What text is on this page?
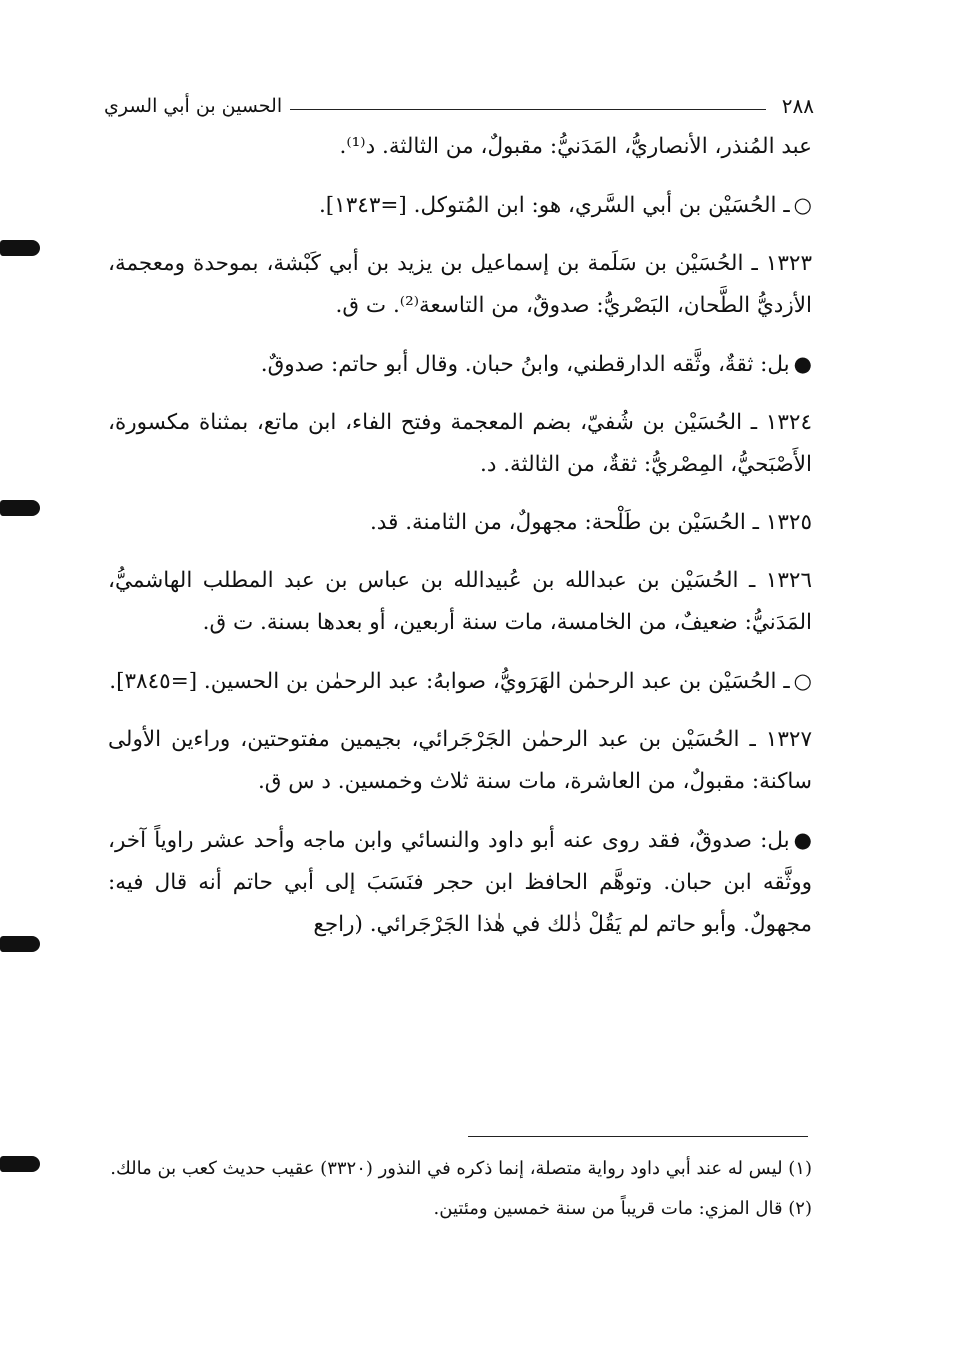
٢٨٨
الحسين بن أبي السري

عبد المُنذر، الأنصاريُّ، المَدَنيُّ: مقبولٌ، من الثالثة. د⁽¹⁾.

○ـ الحُسَيْن بن أبي السَّري، هو: ابن المُتوكل. [=١٣٤٣].

١٣٢٣ ـ الحُسَيْن بن سَلَمة بن إسماعيل بن يزيد بن أبي كَبْشة، بموحدة ومعجمة، الأزديُّ الطَّحان، البَصْريُّ: صدوقٌ، من التاسعة⁽²⁾. ت ق.

●بل: ثقةٌ، وثَّقه الدارقطني، وابنُ حبان. وقال أبو حاتم: صدوقٌ.

١٣٢٤ ـ الحُسَيْن بن شُفيّ، بضم المعجمة وفتح الفاء، ابن ماتع، بمثناة مكسورة، الأَصْبَحيُّ، المِصْريُّ: ثقةٌ، من الثالثة. د.

١٣٢٥ ـ الحُسَيْن بن طَلْحة: مجهولٌ، من الثامنة. قد.

١٣٢٦ ـ الحُسَيْن بن عبدالله بن عُبيدالله بن عباس بن عبد المطلب الهاشميُّ، المَدَنيُّ: ضعيفٌ، من الخامسة، مات سنة أربعين، أو بعدها بسنة. ت ق.

○ـ الحُسَيْن بن عبد الرحمٰن الهَرَويُّ، صوابهُ: عبد الرحمٰن بن الحسين. [=٣٨٤٥].

١٣٢٧ ـ الحُسَيْن بن عبد الرحمٰن الجَرْجَرائي، بجيمين مفتوحتين، وراءين الأولى ساكنة: مقبولٌ، من العاشرة، مات سنة ثلاث وخمسين. د س ق.

●بل: صدوقٌ، فقد روى عنه أبو داود والنسائي وابن ماجه وأحد عشر راوياً آخر، ووثَّقه ابن حبان. وتوهَّم الحافظ ابن حجر فنَسَبَ إلى أبي حاتم أنه قال فيه: مجهولٌ. وأبو حاتم لم يَقُلْ ذٰلك في هٰذا الجَرْجَرائي. (راجع

(١) ليس له عند أبي داود رواية متصلة، إنما ذكره في النذور (٣٣٢٠) عقيب حديث كعب بن مالك.

(٢) قال المزي: مات قريباً من سنة خمسين ومئتين.
